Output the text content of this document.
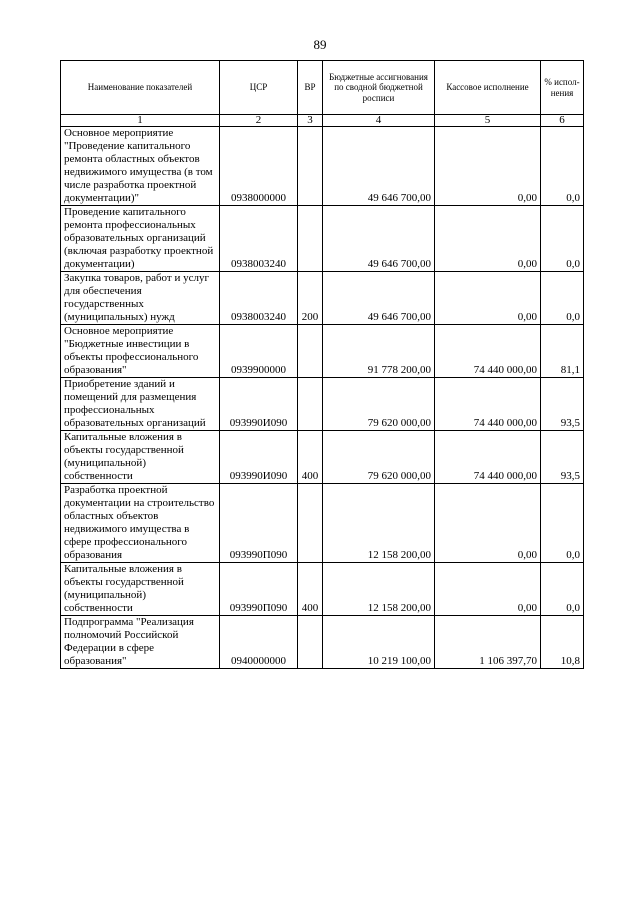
89
Наименование показателей	ЦСР	ВР	Бюджетные ассигнования по сводной бюджетной росписи	Кассовое исполнение	% испол-нения
1	2	3	4	5	6
Основное мероприятие "Проведение капитального ремонта областных объектов недвижимого имущества (в том числе разработка проектной документации)"	0938000000		49 646 700,00	0,00	0,0
Проведение капитального ремонта профессиональных образовательных организаций (включая разработку проектной документации)	0938003240		49 646 700,00	0,00	0,0
Закупка товаров, работ и услуг для обеспечения государственных (муниципальных) нужд	0938003240	200	49 646 700,00	0,00	0,0
Основное мероприятие "Бюджетные инвестиции в объекты профессионального образования"	0939900000		91 778 200,00	74 440 000,00	81,1
Приобретение зданий и помещений для размещения профессиональных образовательных организаций	093990И090		79 620 000,00	74 440 000,00	93,5
Капитальные вложения в объекты государственной (муниципальной) собственности	093990И090	400	79 620 000,00	74 440 000,00	93,5
Разработка проектной документации на строительство областных объектов недвижимого имущества в сфере профессионального образования	093990П090		12 158 200,00	0,00	0,0
Капитальные вложения в объекты государственной (муниципальной) собственности	093990П090	400	12 158 200,00	0,00	0,0
Подпрограмма "Реализация полномочий Российской Федерации в сфере образования"	0940000000		10 219 100,00	1 106 397,70	10,8
